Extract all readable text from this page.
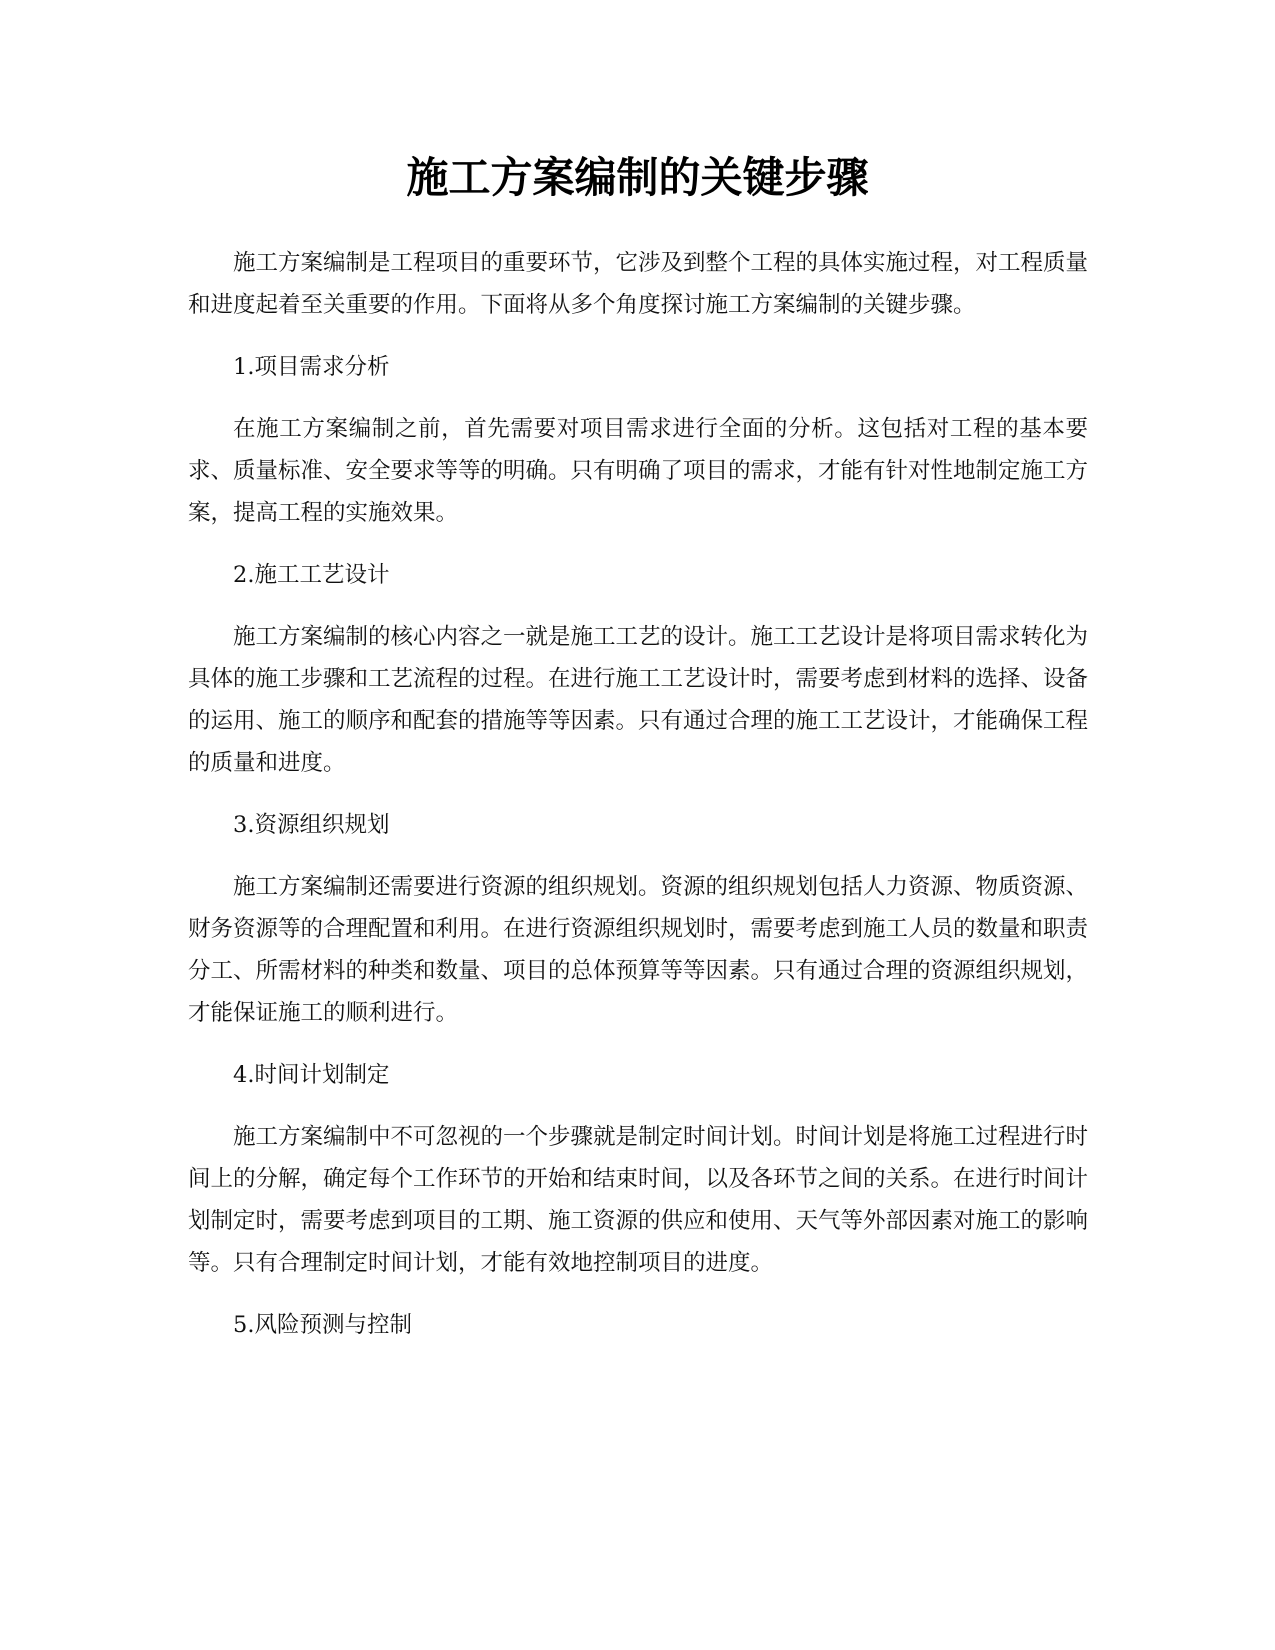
施工方案编制的关键步骤

施工方案编制是工程项目的重要环节，它涉及到整个工程的具体实施过程，对工程质量和进度起着至关重要的作用。下面将从多个角度探讨施工方案编制的关键步骤。

1.项目需求分析

在施工方案编制之前，首先需要对项目需求进行全面的分析。这包括对工程的基本要求、质量标准、安全要求等等的明确。只有明确了项目的需求，才能有针对性地制定施工方案，提高工程的实施效果。

2.施工工艺设计

施工方案编制的核心内容之一就是施工工艺的设计。施工工艺设计是将项目需求转化为具体的施工步骤和工艺流程的过程。在进行施工工艺设计时，需要考虑到材料的选择、设备的运用、施工的顺序和配套的措施等等因素。只有通过合理的施工工艺设计，才能确保工程的质量和进度。

3.资源组织规划

施工方案编制还需要进行资源的组织规划。资源的组织规划包括人力资源、物质资源、财务资源等的合理配置和利用。在进行资源组织规划时，需要考虑到施工人员的数量和职责分工、所需材料的种类和数量、项目的总体预算等等因素。只有通过合理的资源组织规划，才能保证施工的顺利进行。

4.时间计划制定

施工方案编制中不可忽视的一个步骤就是制定时间计划。时间计划是将施工过程进行时间上的分解，确定每个工作环节的开始和结束时间，以及各环节之间的关系。在进行时间计划制定时，需要考虑到项目的工期、施工资源的供应和使用、天气等外部因素对施工的影响等。只有合理制定时间计划，才能有效地控制项目的进度。

5.风险预测与控制
